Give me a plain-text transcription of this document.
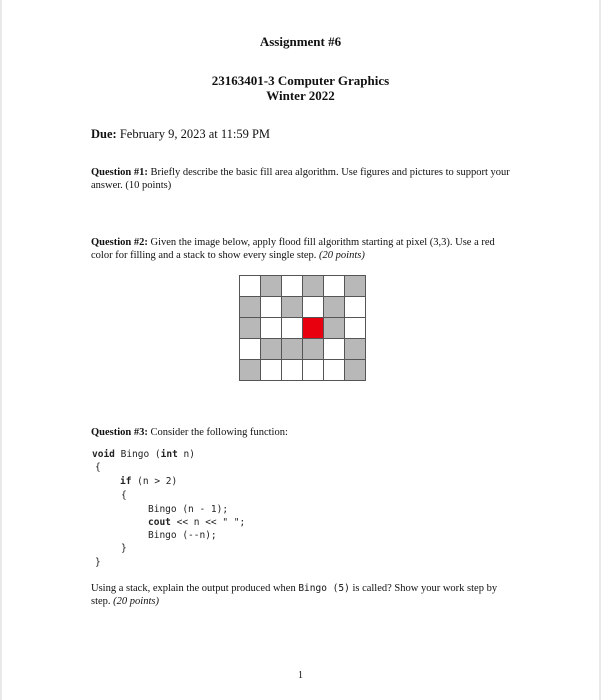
Assignment #6
23163401-3 Computer Graphics
Winter 2022
Due: February 9, 2023 at 11:59 PM
Question #1: Briefly describe the basic fill area algorithm. Use figures and pictures to support your answer. (10 points)
Question #2: Given the image below, apply flood fill algorithm starting at pixel (3,3). Use a red color for filling and a stack to show every single step. (20 points)
Question #3: Consider the following function:
void Bingo (int n)
{
if (n > 2)
{
Bingo (n - 1);
cout << n << " ";
Bingo (--n);
}
}
Using a stack, explain the output produced when Bingo (5) is called? Show your work step by step. (20 points)
1
